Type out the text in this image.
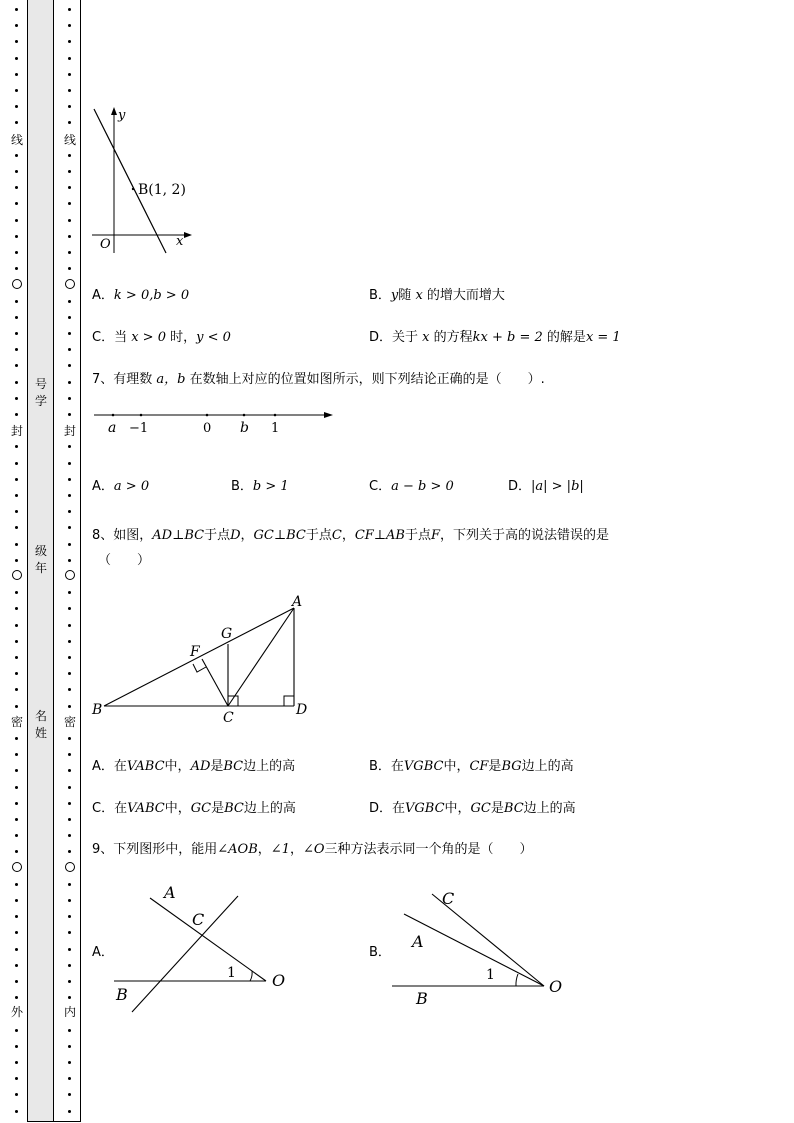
线
封
密
外
线
封
密
内
号学
级年
名姓
y
x
O
B(1, 2)
A．k > 0,b > 0	B．y随 x 的增大而增大
C．当 x > 0 时，y < 0	D．关于 x 的方程kx + b = 2 的解是x = 1
7、有理数 a，b 在数轴上对应的位置如图所示，则下列结论正确的是（　　）.
a −1	0 b 1
A．a > 0	B．b > 1	C．a − b > 0	D．|a| > |b|
8、如图，AD⊥BC于点D，GC⊥BC于点C，CF⊥AB于点F，下列关于高的说法错误的是
（　　）
A
G
F
B	C	D
A．在VABC中，AD是BC边上的高	B．在VGBC中，CF是BG边上的高
C．在VABC中，GC是BC边上的高	D．在VGBC中，GC是BC边上的高
9、下列图形中，能用∠AOB，∠1，∠O三种方法表示同一个角的是（　　）
A．
A
C
1 O
B
B．
C
A
1
O
B
